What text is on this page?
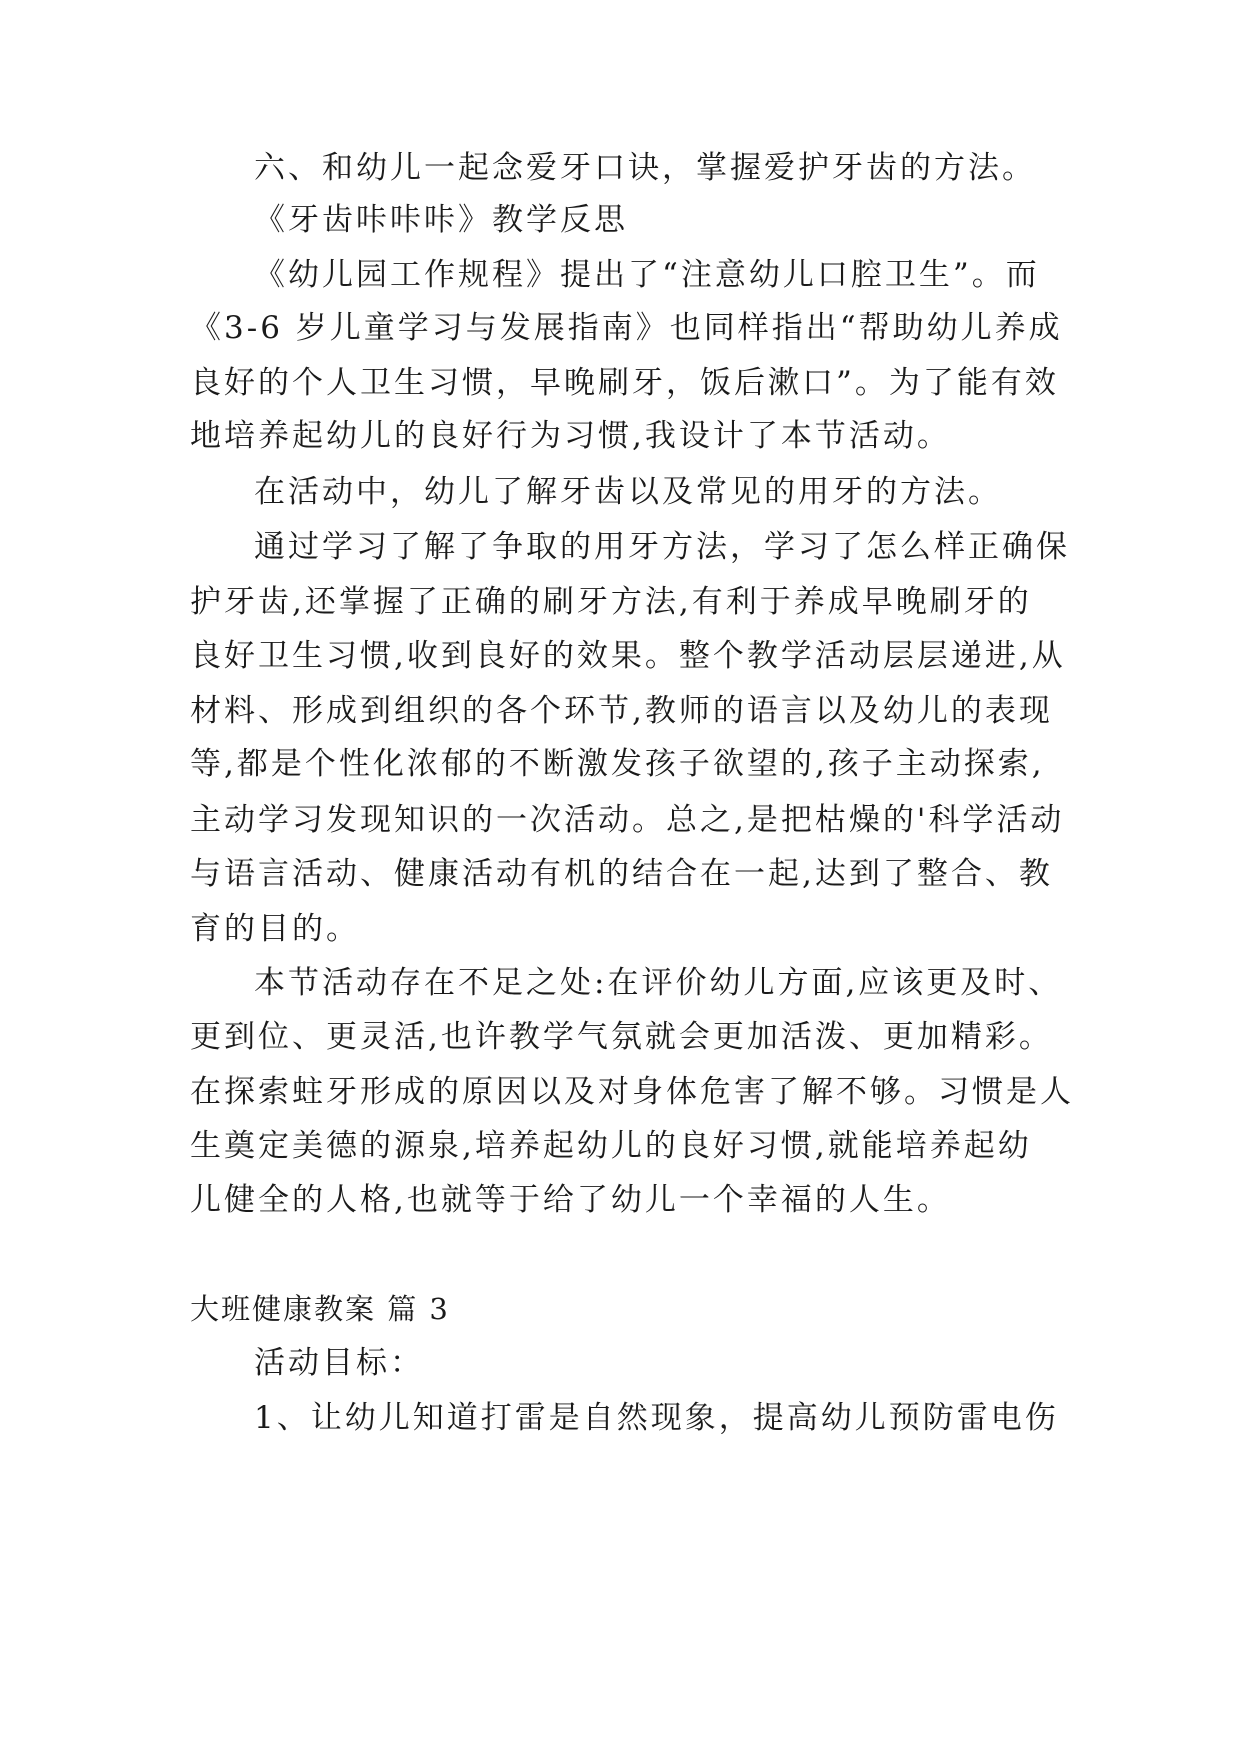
六、和幼儿一起念爱牙口诀，掌握爱护牙齿的方法。
《牙齿咔咔咔》教学反思
《幼儿园工作规程》提出了“注意幼儿口腔卫生”。而
《3-6 岁儿童学习与发展指南》也同样指出“帮助幼儿养成
良好的个人卫生习惯，早晚刷牙，饭后漱口”。为了能有效
地培养起幼儿的良好行为习惯,我设计了本节活动。
在活动中，幼儿了解牙齿以及常见的用牙的方法。
通过学习了解了争取的用牙方法，学习了怎么样正确保
护牙齿,还掌握了正确的刷牙方法,有利于养成早晚刷牙的
良好卫生习惯,收到良好的效果。整个教学活动层层递进,从
材料、形成到组织的各个环节,教师的语言以及幼儿的表现
等,都是个性化浓郁的不断激发孩子欲望的,孩子主动探索,
主动学习发现知识的一次活动。总之,是把枯燥的'科学活动
与语言活动、健康活动有机的结合在一起,达到了整合、教
育的目的。
本节活动存在不足之处:在评价幼儿方面,应该更及时、
更到位、更灵活,也许教学气氛就会更加活泼、更加精彩。
在探索蛀牙形成的原因以及对身体危害了解不够。习惯是人
生奠定美德的源泉,培养起幼儿的良好习惯,就能培养起幼
儿健全的人格,也就等于给了幼儿一个幸福的人生。
大班健康教案 篇 3
活动目标：
1、让幼儿知道打雷是自然现象，提高幼儿预防雷电伤
